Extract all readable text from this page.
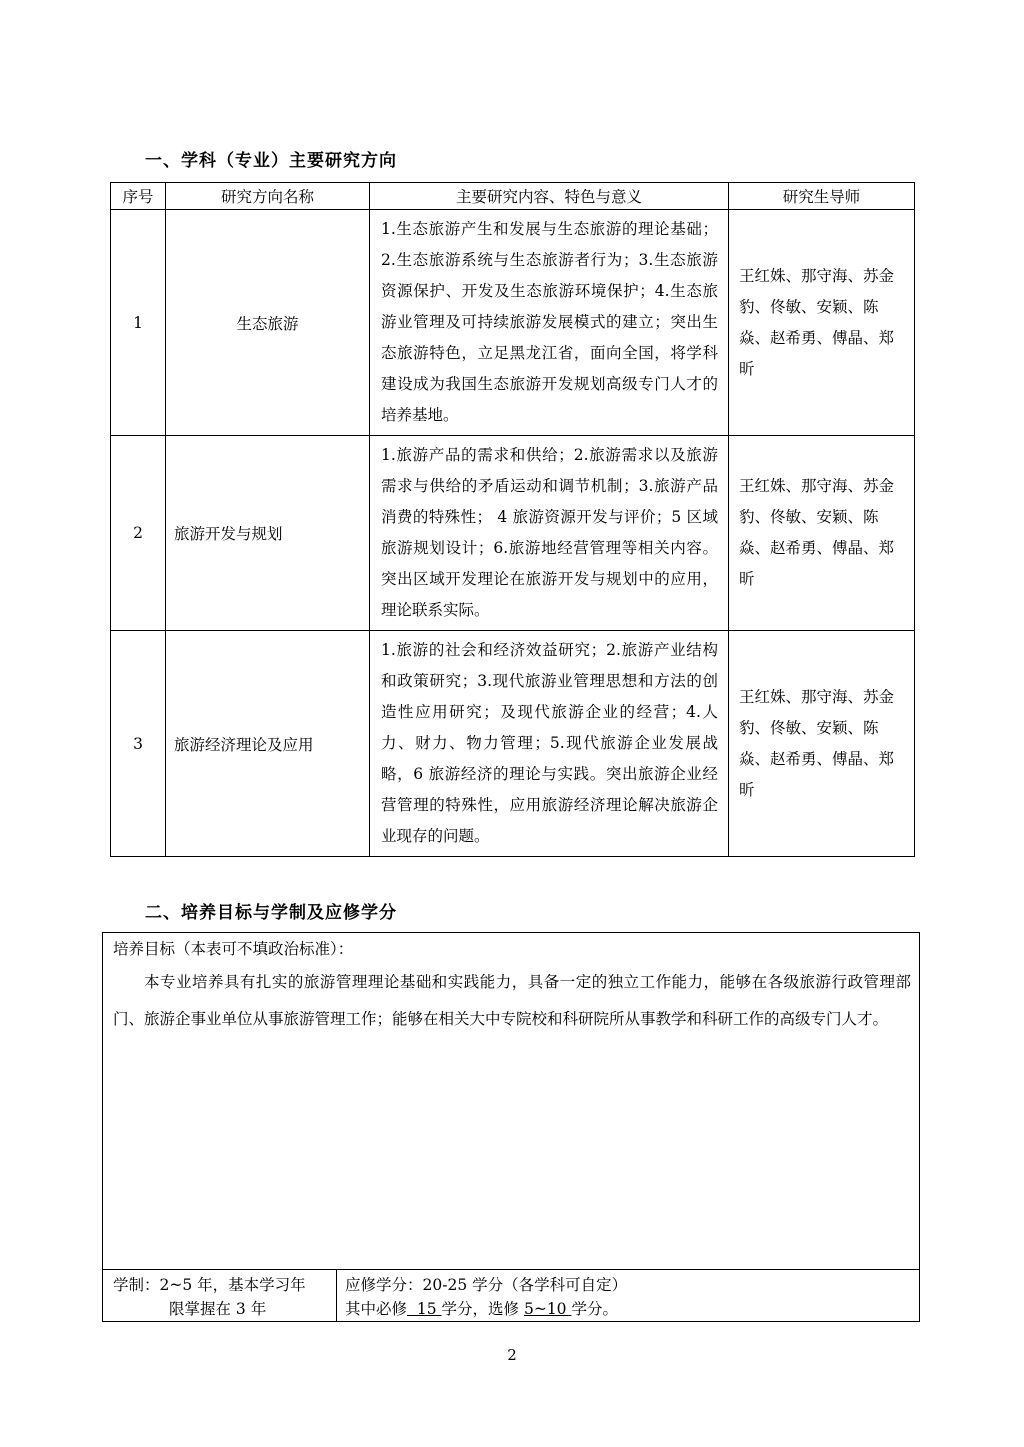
一、学科（专业）主要研究方向
序号	研究方向名称	主要研究内容、特色与意义	研究生导师
1	生态旅游	1.生态旅游产生和发展与生态旅游的理论基础；2.生态旅游系统与生态旅游者行为；3.生态旅游资源保护、开发及生态旅游环境保护；4.生态旅游业管理及可持续旅游发展模式的建立；突出生态旅游特色，立足黑龙江省，面向全国，将学科建设成为我国生态旅游开发规划高级专门人才的培养基地。	王红姝、那守海、苏金豹、佟敏、安颖、陈焱、赵希勇、傅晶、郑昕
2	旅游开发与规划	1.旅游产品的需求和供给；2.旅游需求以及旅游需求与供给的矛盾运动和调节机制；3.旅游产品消费的特殊性； 4 旅游资源开发与评价；5 区域旅游规划设计；6.旅游地经营管理等相关内容。突出区域开发理论在旅游开发与规划中的应用，理论联系实际。	王红姝、那守海、苏金豹、佟敏、安颖、陈焱、赵希勇、傅晶、郑昕
3	旅游经济理论及应用	1.旅游的社会和经济效益研究；2.旅游产业结构和政策研究；3.现代旅游业管理思想和方法的创造性应用研究；及现代旅游企业的经营；4.人力、财力、物力管理；5.现代旅游企业发展战略，6 旅游经济的理论与实践。突出旅游企业经营管理的特殊性，应用旅游经济理论解决旅游企业现存的问题。	王红姝、那守海、苏金豹、佟敏、安颖、陈焱、赵希勇、傅晶、郑昕
二、培养目标与学制及应修学分
培养目标（本表可不填政治标准）：
本专业培养具有扎实的旅游管理理论基础和实践能力，具备一定的独立工作能力，能够在各级旅游行政管理部门、旅游企事业单位从事旅游管理工作；能够在相关大中专院校和科研院所从事教学和科研工作的高级专门人才。
学制：2~5 年，基本学习年
限掌握在 3 年
应修学分：20-25 学分（各学科可自定）
其中必修  15 学分，选修 5~10 学分。
2
